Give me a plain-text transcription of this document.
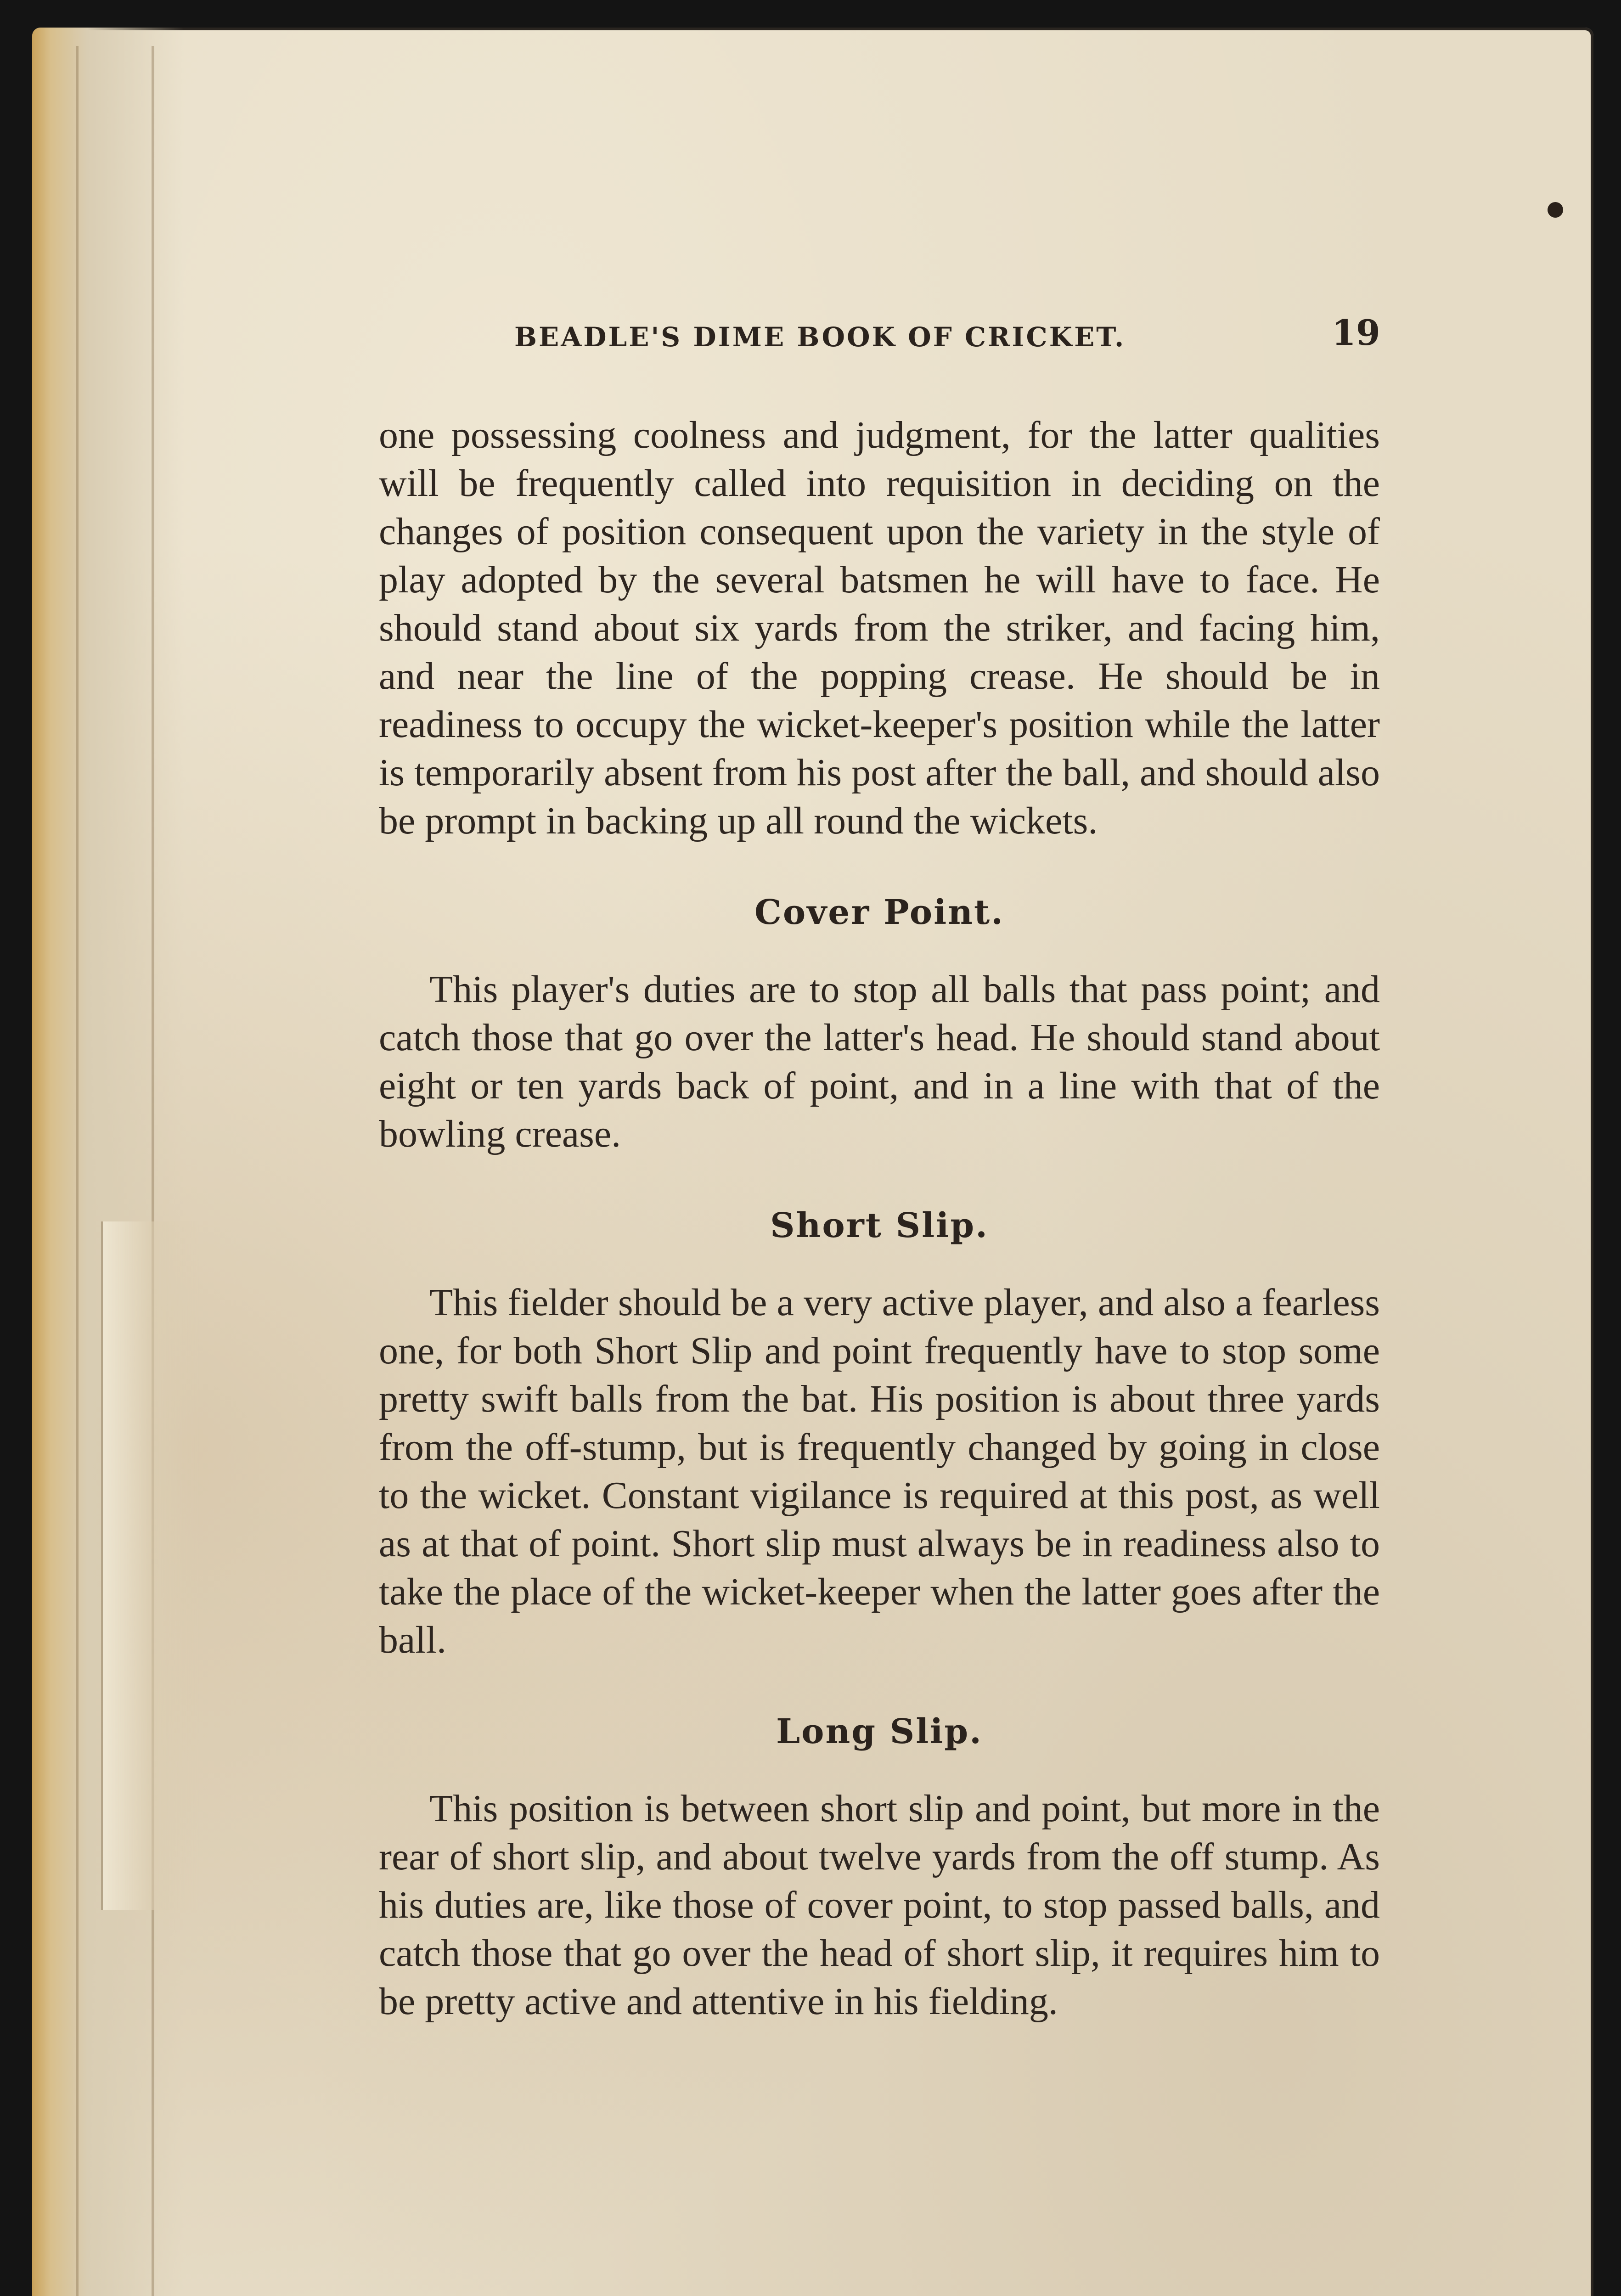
BEADLE'S DIME BOOK OF CRICKET.	19

one possessing coolness and judgment, for the latter qualities will be frequently called into requisition in deciding on the changes of position consequent upon the variety in the style of play adopted by the several batsmen he will have to face. He should stand about six yards from the striker, and facing him, and near the line of the popping crease. He should be in readiness to occupy the wicket-keeper's position while the latter is temporarily absent from his post after the ball, and should also be prompt in backing up all round the wickets.

Cover Point.

This player's duties are to stop all balls that pass point; and catch those that go over the latter's head. He should stand about eight or ten yards back of point, and in a line with that of the bowling crease.

Short Slip.

This fielder should be a very active player, and also a fearless one, for both Short Slip and point frequently have to stop some pretty swift balls from the bat. His position is about three yards from the off-stump, but is frequently changed by going in close to the wicket. Constant vigilance is required at this post, as well as at that of point. Short slip must always be in readiness also to take the place of the wicket-keeper when the latter goes after the ball.

Long Slip.

This position is between short slip and point, but more in the rear of short slip, and about twelve yards from the off stump. As his duties are, like those of cover point, to stop passed balls, and catch those that go over the head of short slip, it requires him to be pretty active and attentive in his fielding.
